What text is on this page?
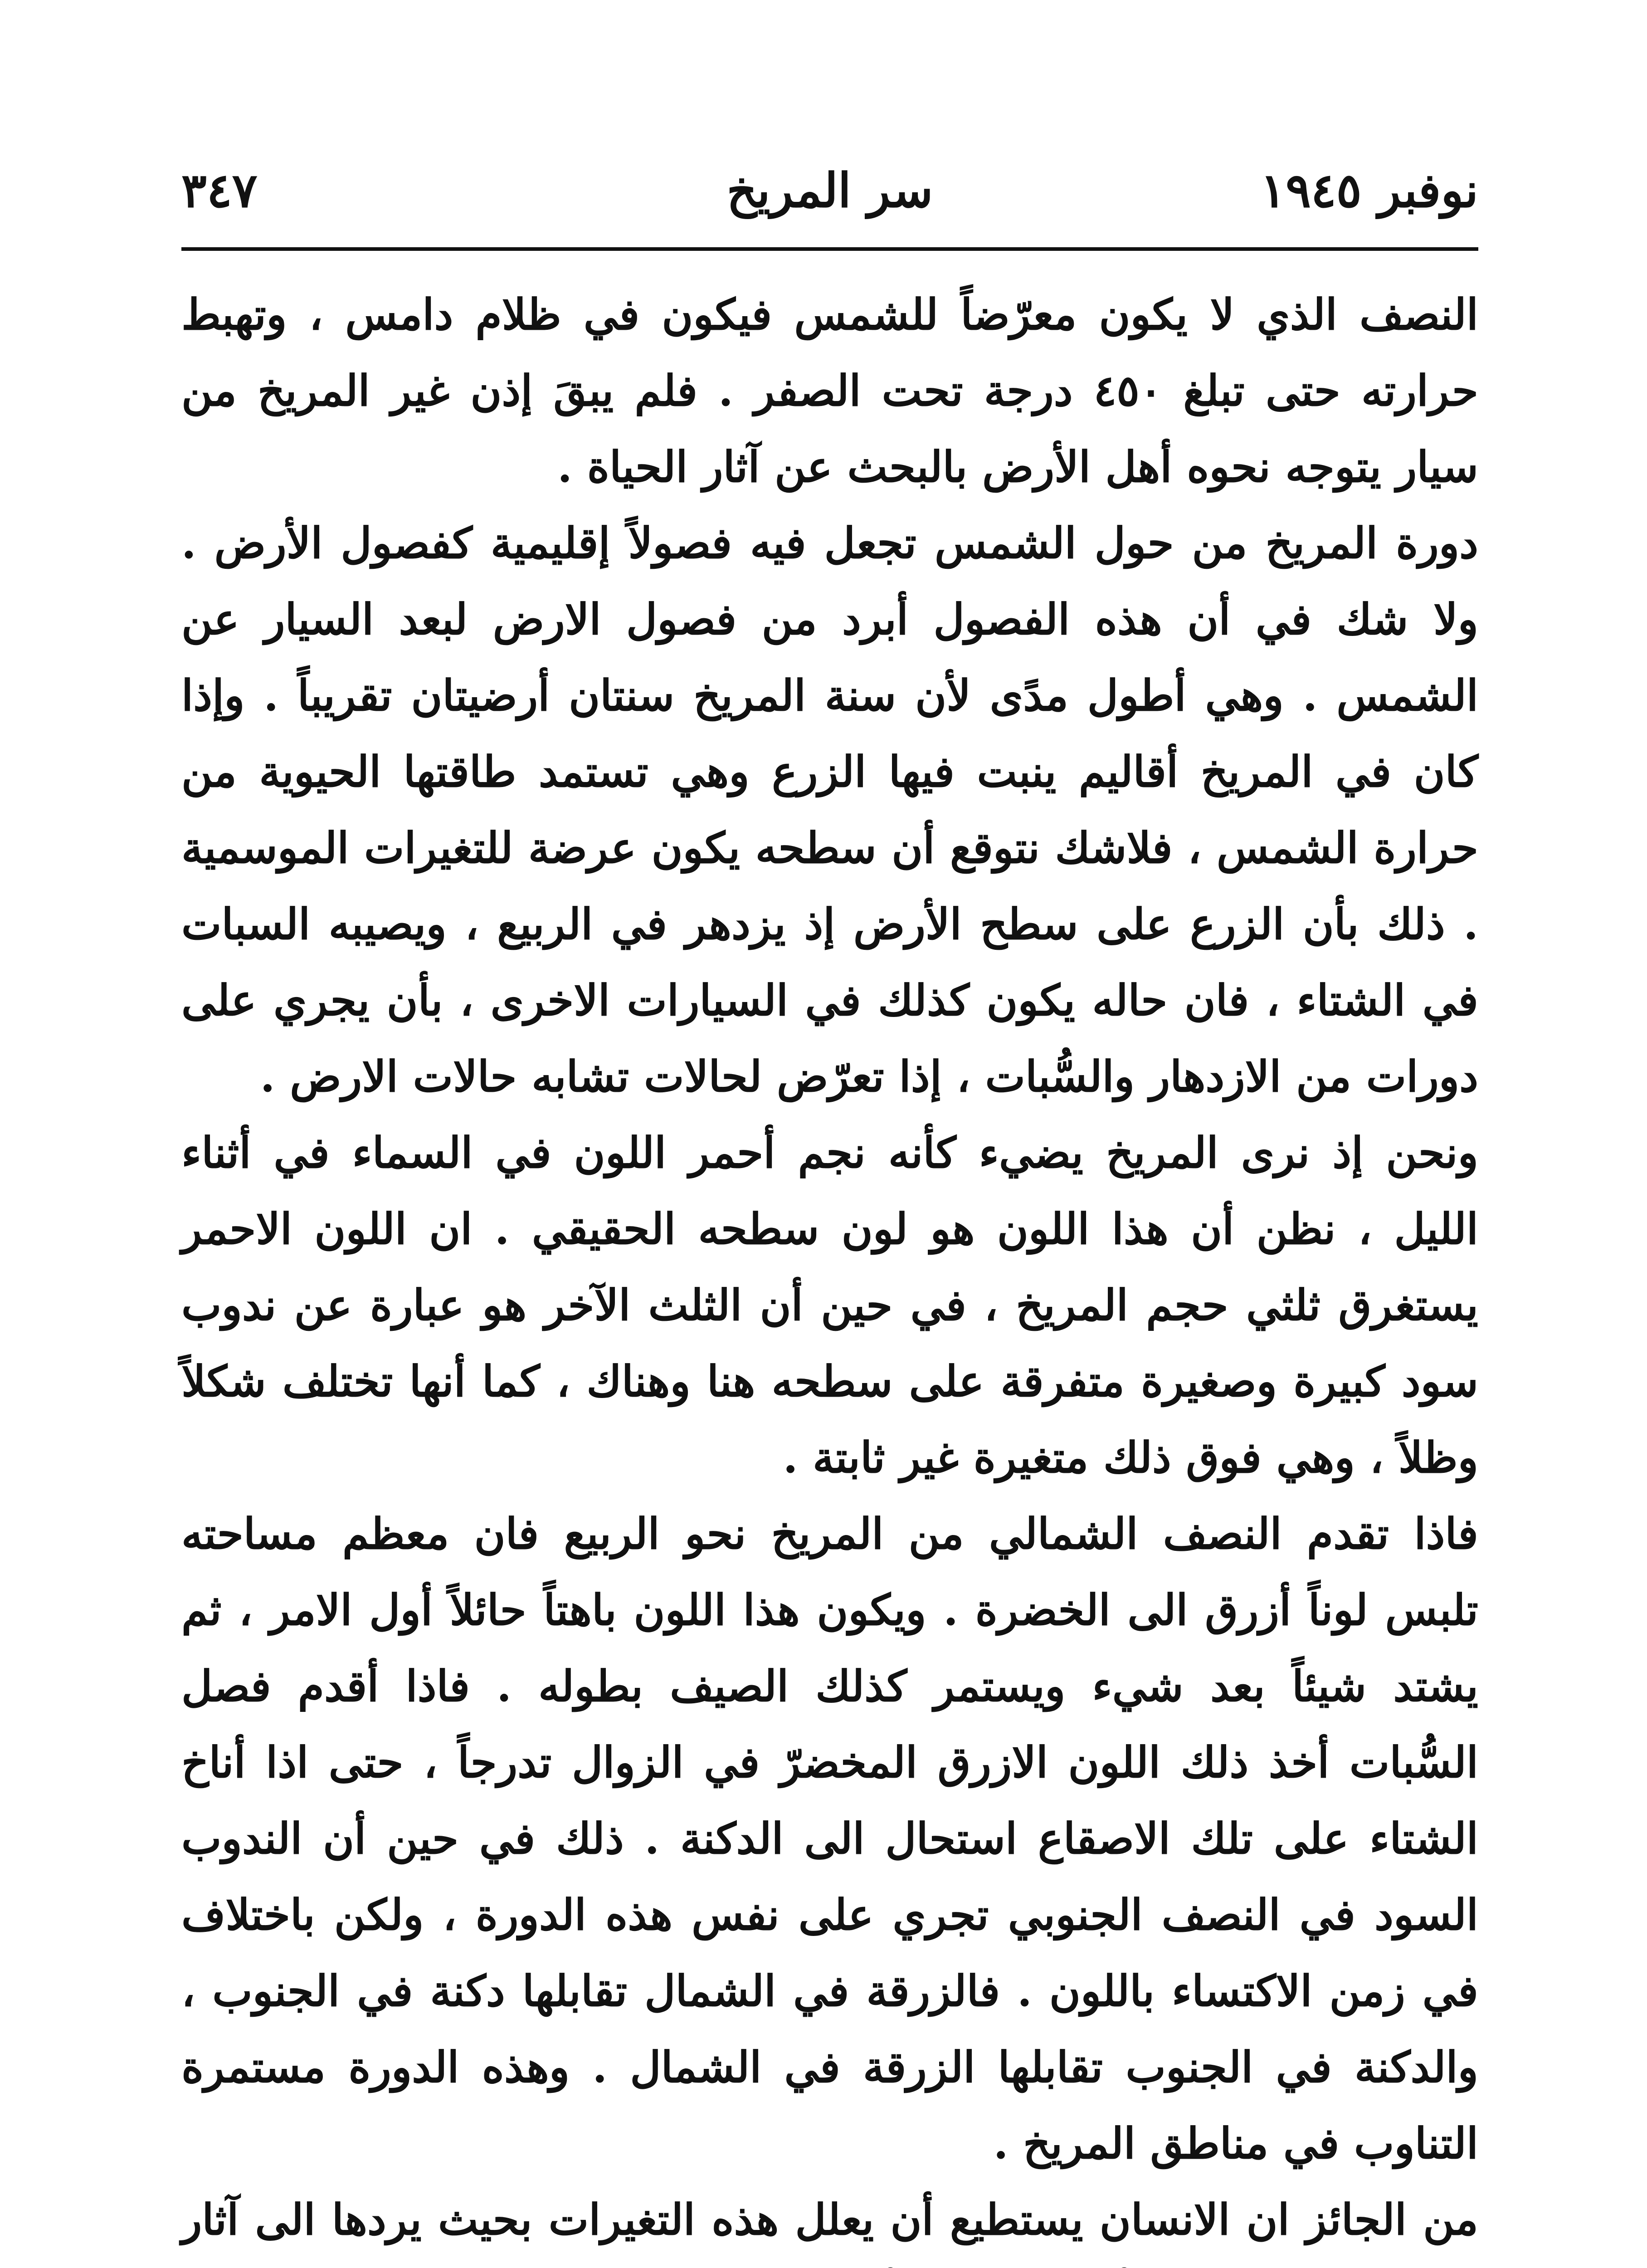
نوفبر ١٩٤٥
سر المريخ
٣٤٧

النصف الذي لا يكون معرّضاً للشمس فيكون في ظلام دامس ، وتهبط حرارته حتى تبلغ ٤٥٠ درجة تحت الصفر . فلم يبقَ إذن غير المريخ من سيار يتوجه نحوه أهل الأرض بالبحث عن آثار الحياة .

دورة المريخ من حول الشمس تجعل فيه فصولاً إقليمية كفصول الأرض . ولا شك في أن هذه الفصول أبرد من فصول الارض لبعد السيار عن الشمس . وهي أطول مدًى لأن سنة المريخ سنتان أرضيتان تقريباً . وإذا كان في المريخ أقاليم ينبت فيها الزرع وهي تستمد طاقتها الحيوية من حرارة الشمس ، فلاشك نتوقع أن سطحه يكون عرضة للتغيرات الموسمية . ذلك بأن الزرع على سطح الأرض إذ يزدهر في الربيع ، ويصيبه السبات في الشتاء ، فان حاله يكون كذلك في السيارات الاخرى ، بأن يجري على دورات من الازدهار والسُّبات ، إذا تعرّض لحالات تشابه حالات الارض .

ونحن إذ نرى المريخ يضيء كأنه نجم أحمر اللون في السماء في أثناء الليل ، نظن أن هذا اللون هو لون سطحه الحقيقي . ان اللون الاحمر يستغرق ثلثي حجم المريخ ، في حين أن الثلث الآخر هو عبارة عن ندوب سود كبيرة وصغيرة متفرقة على سطحه هنا وهناك ، كما أنها تختلف شكلاً وظلاً ، وهي فوق ذلك متغيرة غير ثابتة .

فاذا تقدم النصف الشمالي من المريخ نحو الربيع فان معظم مساحته تلبس لوناً أزرق الى الخضرة . ويكون هذا اللون باهتاً حائلاً أول الامر ، ثم يشتد شيئاً بعد شيء ويستمر كذلك الصيف بطوله . فاذا أقدم فصل السُّبات أخذ ذلك اللون الازرق المخضرّ في الزوال تدرجاً ، حتى اذا أناخ الشتاء على تلك الاصقاع استحال الى الدكنة . ذلك في حين أن الندوب السود في النصف الجنوبي تجري على نفس هذه الدورة ، ولكن باختلاف في زمن الاكتساء باللون . فالزرقة في الشمال تقابلها دكنة في الجنوب ، والدكنة في الجنوب تقابلها الزرقة في الشمال . وهذه الدورة مستمرة التناوب في مناطق المريخ .

من الجائز ان الانسان يستطيع أن يعلل هذه التغيرات بحيث يردها الى آثار
